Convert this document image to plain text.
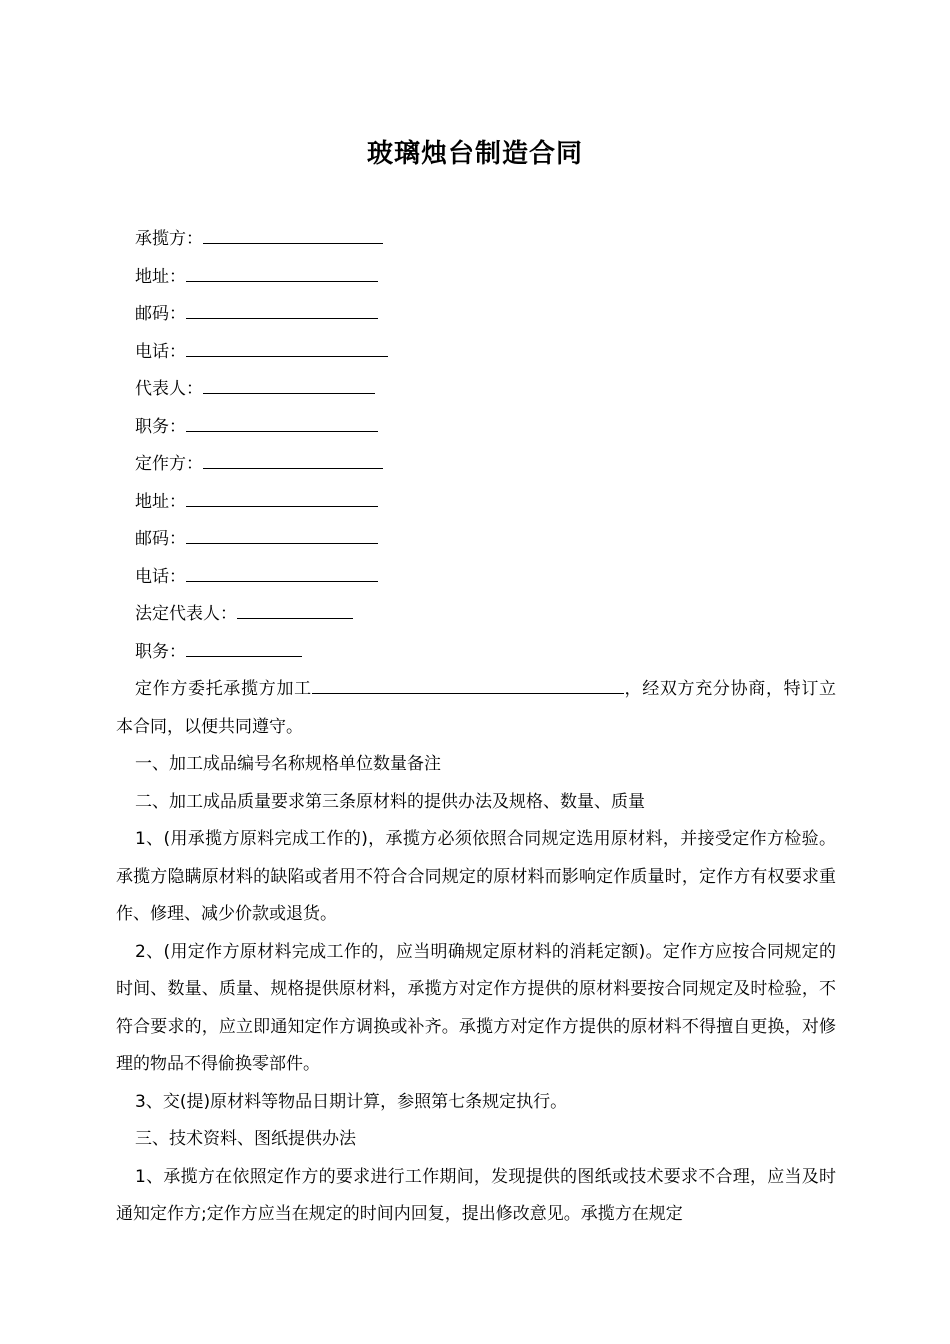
玻璃烛台制造合同
承揽方：
地址：
邮码：
电话：
代表人：
职务：
定作方：
地址：
邮码：
电话：
法定代表人：
职务：

定作方委托承揽方加工	，经双方充分协商，特订立本合同，以便共同遵守。

一、加工成品编号名称规格单位数量备注

二、加工成品质量要求第三条原材料的提供办法及规格、数量、质量

1、(用承揽方原料完成工作的)，承揽方必须依照合同规定选用原材料，并接受定作方检验。承揽方隐瞒原材料的缺陷或者用不符合合同规定的原材料而影响定作质量时，定作方有权要求重作、修理、减少价款或退货。

2、(用定作方原材料完成工作的，应当明确规定原材料的消耗定额)。定作方应按合同规定的时间、数量、质量、规格提供原材料，承揽方对定作方提供的原材料要按合同规定及时检验，不符合要求的，应立即通知定作方调换或补齐。承揽方对定作方提供的原材料不得擅自更换，对修理的物品不得偷换零部件。

3、交(提)原材料等物品日期计算，参照第七条规定执行。

三、技术资料、图纸提供办法

1、承揽方在依照定作方的要求进行工作期间，发现提供的图纸或技术要求不合理，应当及时通知定作方;定作方应当在规定的时间内回复，提出修改意见。承揽方在规定
